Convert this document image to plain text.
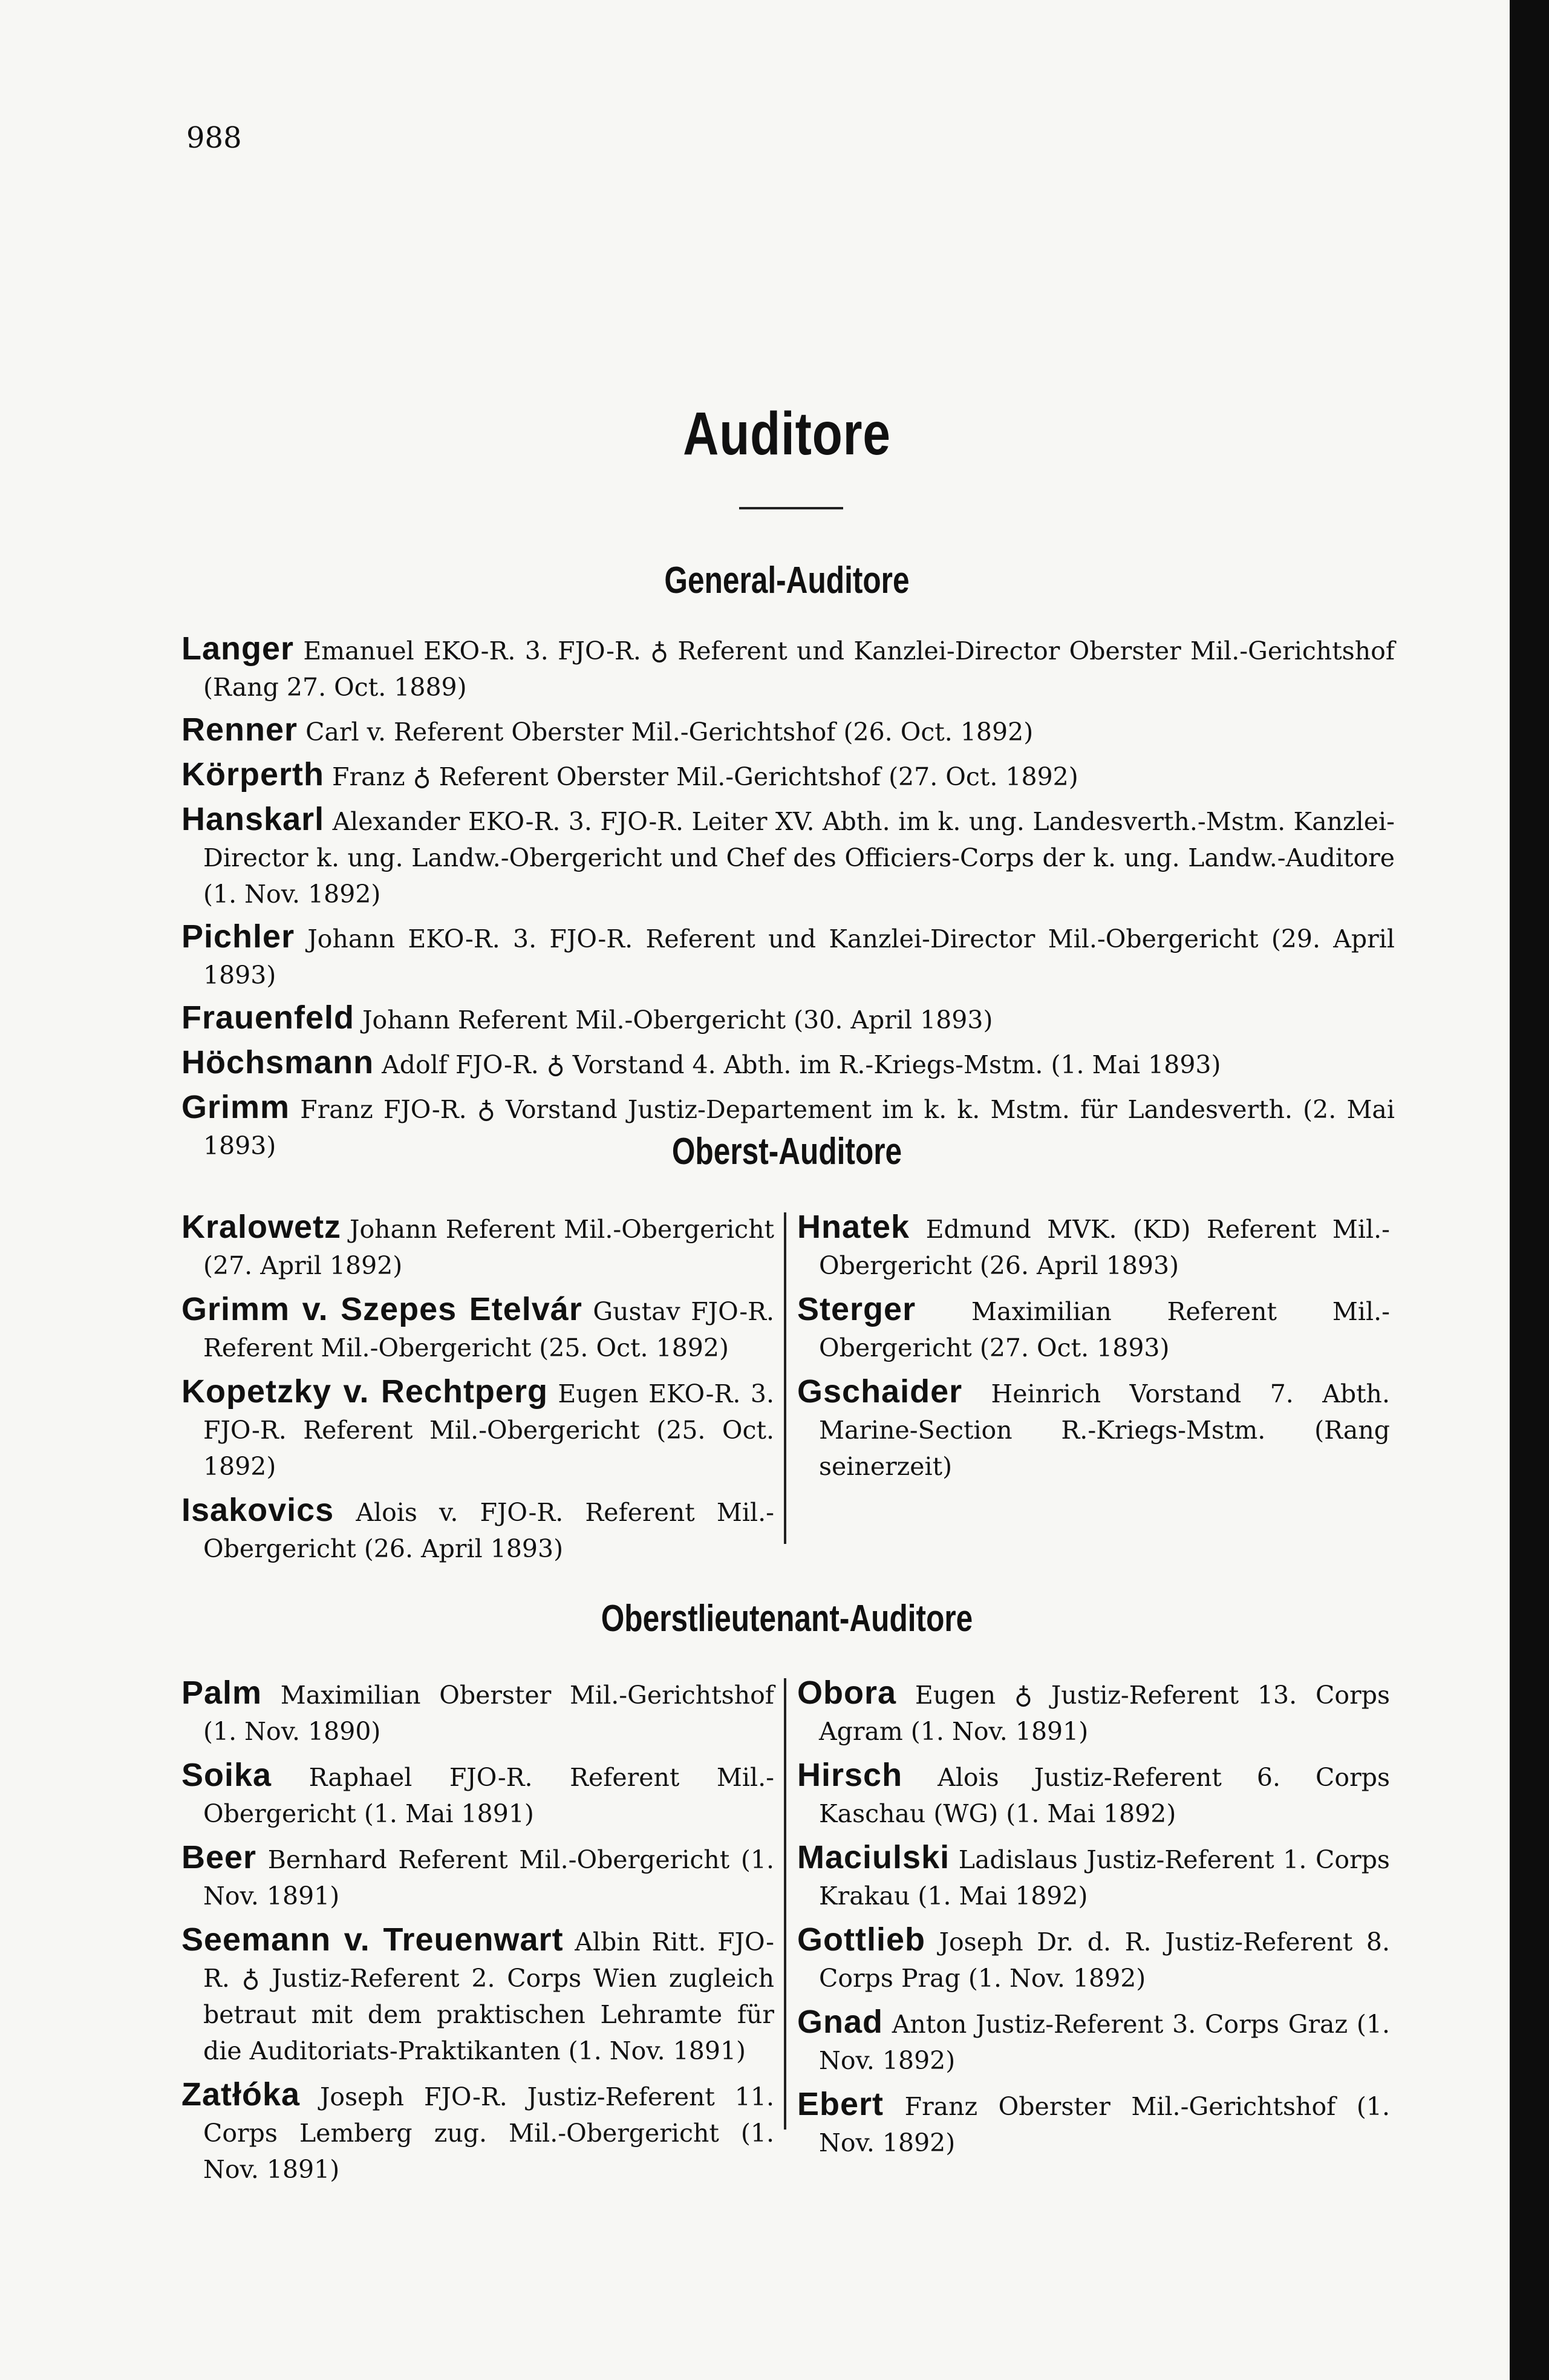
988
Auditore
General-Auditore
Langer Emanuel EKO-R. 3. FJO-R. ♁ Referent und Kanzlei-Director Oberster Mil.-Gerichtshof (Rang 27. Oct. 1889)
Renner Carl v. Referent Oberster Mil.-Gerichtshof (26. Oct. 1892)
Körperth Franz ♁ Referent Oberster Mil.-Gerichtshof (27. Oct. 1892)
Hanskarl Alexander EKO-R. 3. FJO-R. Leiter XV. Abth. im k. ung. Landesverth.-Mstm. Kanzlei-Director k. ung. Landw.-Obergericht und Chef des Officiers-Corps der k. ung. Landw.-Auditore (1. Nov. 1892)
Pichler Johann EKO-R. 3. FJO-R. Referent und Kanzlei-Director Mil.-Obergericht (29. April 1893)
Frauenfeld Johann Referent Mil.-Obergericht (30. April 1893)
Höchsmann Adolf FJO-R. ♁ Vorstand 4. Abth. im R.-Kriegs-Mstm. (1. Mai 1893)
Grimm Franz FJO-R. ♁ Vorstand Justiz-Departement im k. k. Mstm. für Landesverth. (2. Mai 1893)	Oberst-Auditore
Kralowetz Johann Referent Mil.-Obergericht (27. April 1892)
Grimm v. Szepes Etelvár Gustav FJO-R. Referent Mil.-Obergericht (25. Oct. 1892)
Kopetzky v. Rechtperg Eugen EKO-R. 3. FJO-R. Referent Mil.-Obergericht (25. Oct. 1892)
Isakovics Alois v. FJO-R. Referent Mil.-Obergericht (26. April 1893)
Hnatek Edmund MVK. (KD) Referent Mil.-Obergericht (26. April 1893)
Sterger Maximilian Referent Mil.-Obergericht (27. Oct. 1893)
Gschaider Heinrich Vorstand 7. Abth. Marine-Section R.-Kriegs-Mstm. (Rang seinerzeit)
Oberstlieutenant-Auditore
Palm Maximilian Oberster Mil.-Gerichtshof (1. Nov. 1890)
Soika Raphael FJO-R. Referent Mil.-Obergericht (1. Mai 1891)
Beer Bernhard Referent Mil.-Obergericht (1. Nov. 1891)
Seemann v. Treuenwart Albin Ritt. FJO-R. ♁ Justiz-Referent 2. Corps Wien zugleich betraut mit dem praktischen Lehramte für die Auditoriats-Praktikanten (1. Nov. 1891)
Zatłóka Joseph FJO-R. Justiz-Referent 11. Corps Lemberg zug. Mil.-Obergericht (1. Nov. 1891)
Obora Eugen ♁ Justiz-Referent 13. Corps Agram (1. Nov. 1891)
Hirsch Alois Justiz-Referent 6. Corps Kaschau (WG) (1. Mai 1892)
Maciulski Ladislaus Justiz-Referent 1. Corps Krakau (1. Mai 1892)
Gottlieb Joseph Dr. d. R. Justiz-Referent 8. Corps Prag (1. Nov. 1892)
Gnad Anton Justiz-Referent 3. Corps Graz (1. Nov. 1892)
Ebert Franz Oberster Mil.-Gerichtshof (1. Nov. 1892)
